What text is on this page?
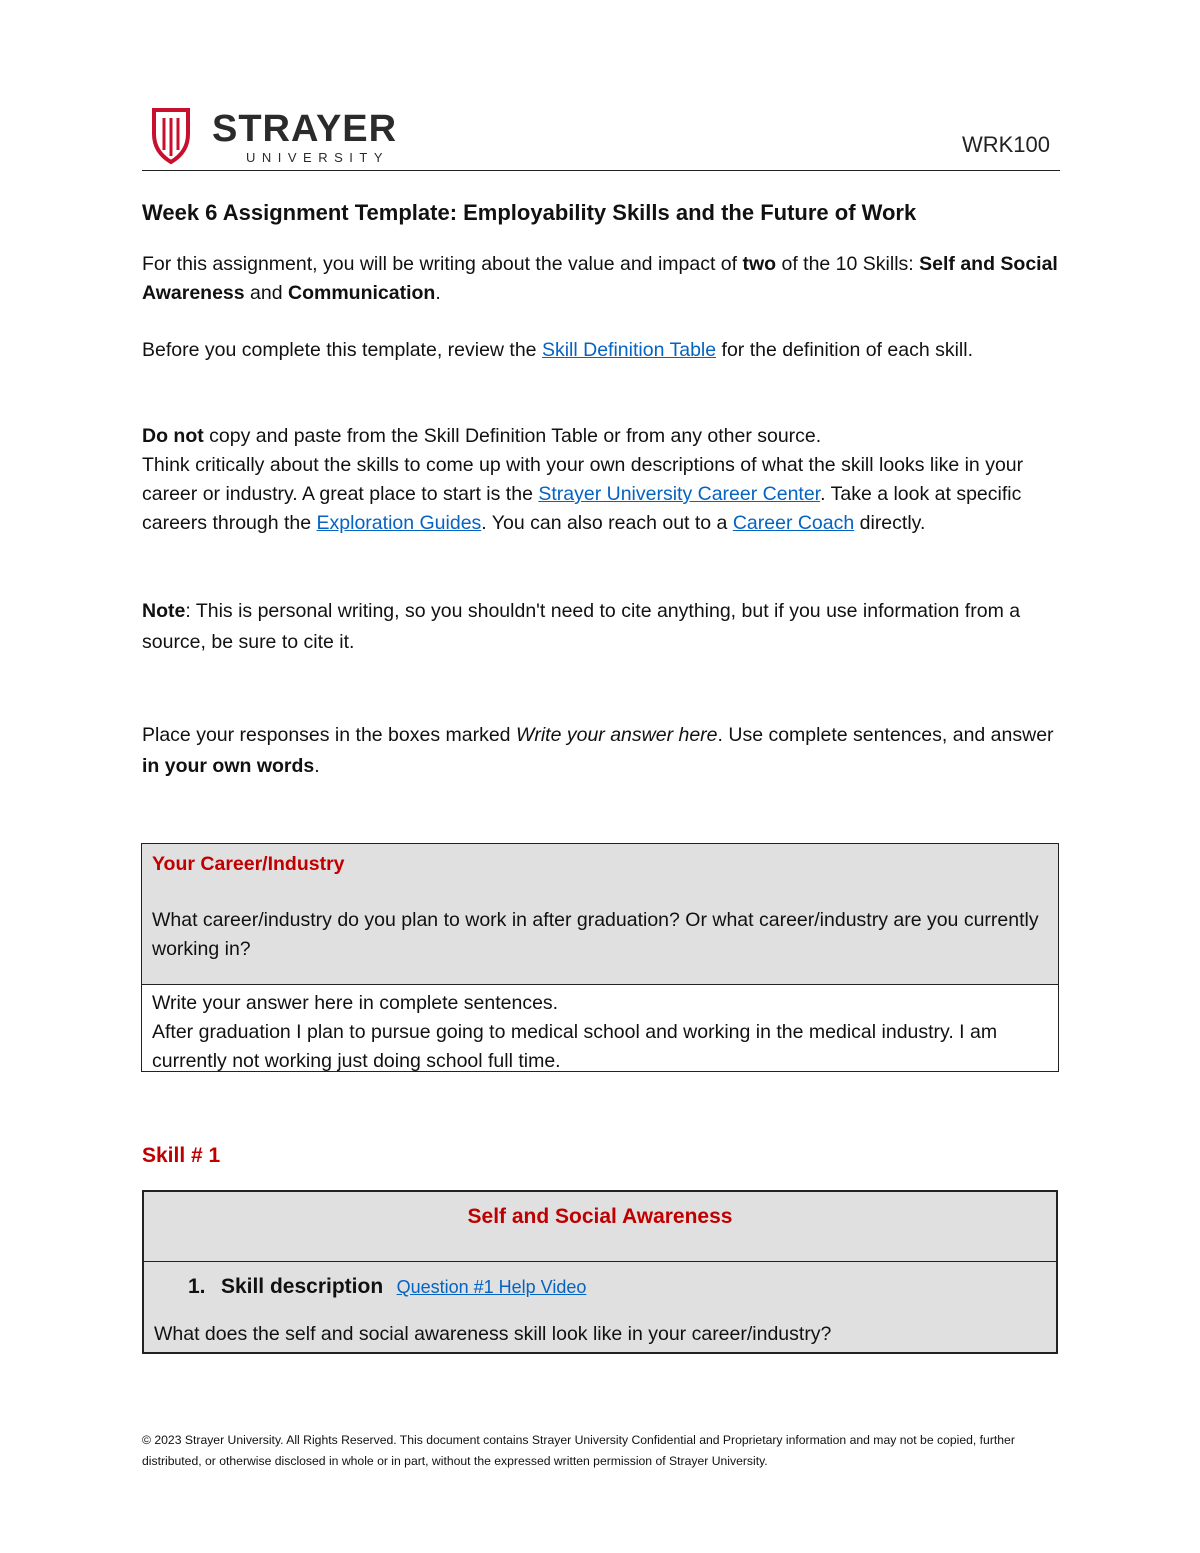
STRAYER
UNIVERSITY
WRK100
Week 6 Assignment Template: Employability Skills and the Future of Work
For this assignment, you will be writing about the value and impact of two of the 10 Skills: Self and Social Awareness and Communication.
Before you complete this template, review the Skill Definition Table for the definition of each skill.
Do not copy and paste from the Skill Definition Table or from any other source.
Think critically about the skills to come up with your own descriptions of what the skill looks like in your career or industry. A great place to start is the Strayer University Career Center. Take a look at specific careers through the Exploration Guides. You can also reach out to a Career Coach directly.
Note: This is personal writing, so you shouldn't need to cite anything, but if you use information from a source, be sure to cite it.
Place your responses in the boxes marked Write your answer here. Use complete sentences, and answer in your own words.
Your Career/Industry
What career/industry do you plan to work in after graduation? Or what career/industry are you currently working in?
Write your answer here in complete sentences.
After graduation I plan to pursue going to medical school and working in the medical industry. I am currently not working just doing school full time.
Skill # 1
Self and Social Awareness
1. Skill description Question #1 Help Video
What does the self and social awareness skill look like in your career/industry?
© 2023 Strayer University. All Rights Reserved. This document contains Strayer University Confidential and Proprietary information and may not be copied, further distributed, or otherwise disclosed in whole or in part, without the expressed written permission of Strayer University.
